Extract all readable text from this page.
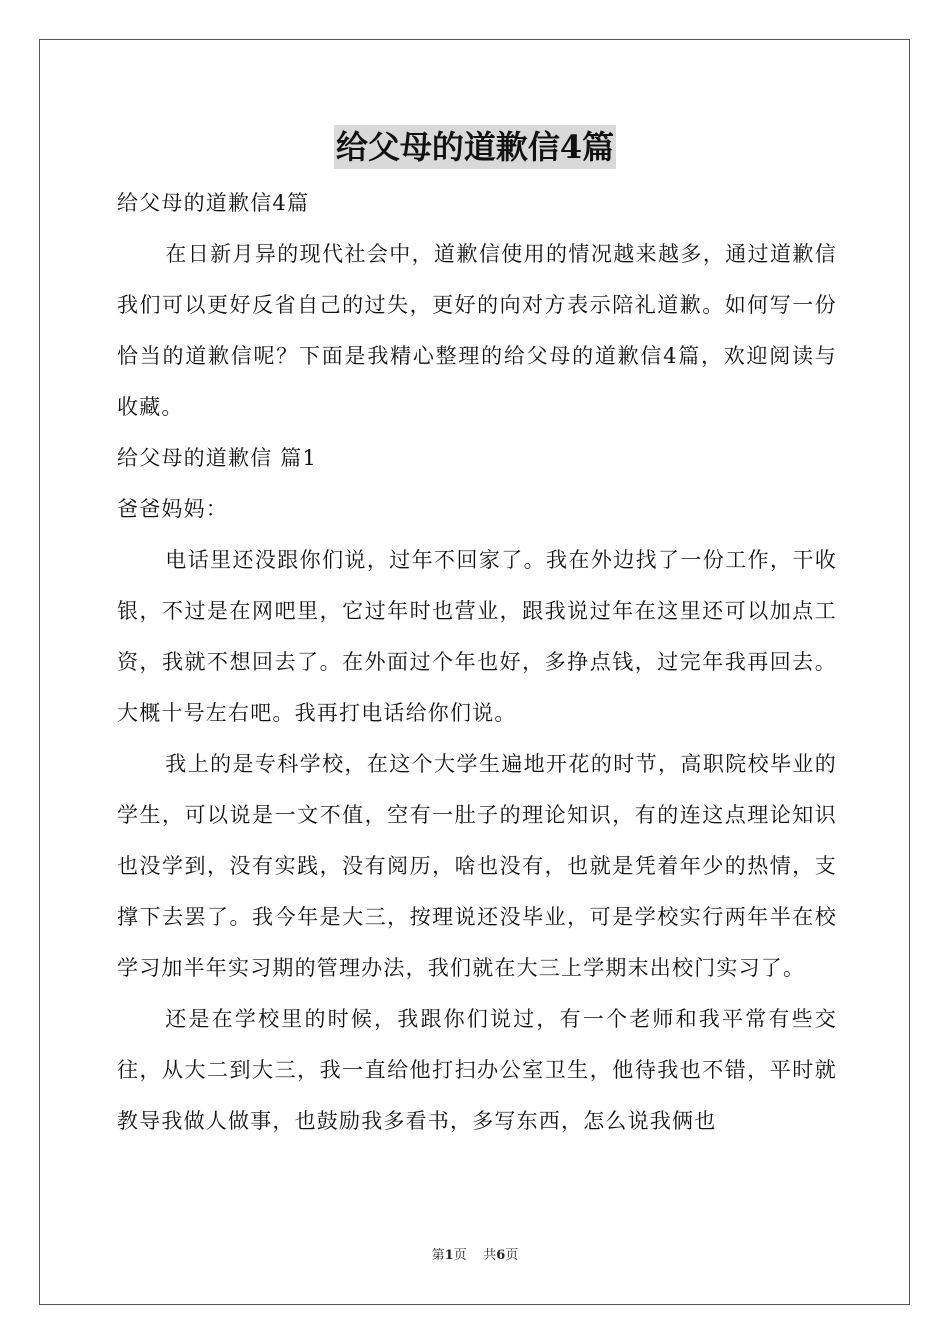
给父母的道歉信4篇

给父母的道歉信4篇

在日新月异的现代社会中，道歉信使用的情况越来越多，通过道歉信我们可以更好反省自己的过失，更好的向对方表示陪礼道歉。如何写一份恰当的道歉信呢？下面是我精心整理的给父母的道歉信4篇，欢迎阅读与收藏。

给父母的道歉信 篇1

爸爸妈妈：

电话里还没跟你们说，过年不回家了。我在外边找了一份工作，干收银，不过是在网吧里，它过年时也营业，跟我说过年在这里还可以加点工资，我就不想回去了。在外面过个年也好，多挣点钱，过完年我再回去。大概十号左右吧。我再打电话给你们说。

我上的是专科学校，在这个大学生遍地开花的时节，高职院校毕业的学生，可以说是一文不值，空有一肚子的理论知识，有的连这点理论知识也没学到，没有实践，没有阅历，啥也没有，也就是凭着年少的热情，支撑下去罢了。我今年是大三，按理说还没毕业，可是学校实行两年半在校学习加半年实习期的管理办法，我们就在大三上学期末出校门实习了。

还是在学校里的时候，我跟你们说过，有一个老师和我平常有些交往，从大二到大三，我一直给他打扫办公室卫生，他待我也不错，平时就教导我做人做事，也鼓励我多看书，多写东西，怎么说我俩也

第1页 共6页
